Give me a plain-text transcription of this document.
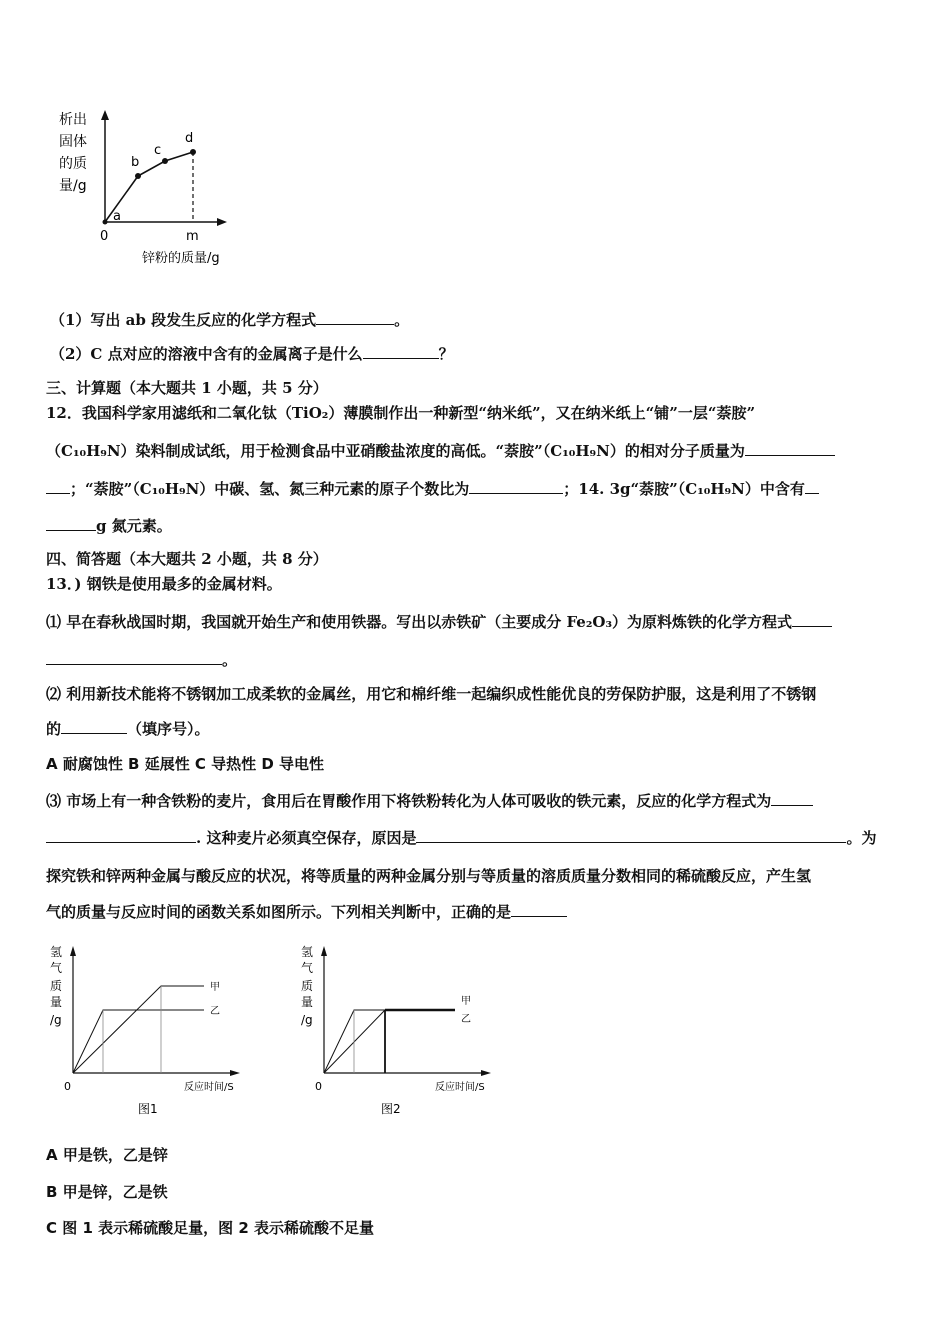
析出
固体
的质
量/g
a
b
c
d
0	m
锌粉的质量/g
（1）写出 ab 段发生反应的化学方程式	。
（2）C 点对应的溶液中含有的金属离子是什么	？
三、计算题（本大题共 1 小题，共 5 分）
12．我国科学家用滤纸和二氧化钛（TiO₂）薄膜制作出一种新型“纳米纸”，又在纳米纸上“铺”一层“萘胺”
（C₁₀H₉N）染料制成试纸，用于检测食品中亚硝酸盐浓度的高低。“萘胺”（C₁₀H₉N）的相对分子质量为
；“萘胺”（C₁₀H₉N）中碳、氢、氮三种元素的原子个数比为	；14. 3g“萘胺”（C₁₀H₉N）中含有
g 氮元素。
四、简答题（本大题共 2 小题，共 8 分）
13．) 钢铁是使用最多的金属材料。
⑴ 早在春秋战国时期，我国就开始生产和使用铁器。写出以赤铁矿（主要成分 Fe₂O₃）为原料炼铁的化学方程式
。
⑵ 利用新技术能将不锈钢加工成柔软的金属丝，用它和棉纤维一起编织成性能优良的劳保防护服，这是利用了不锈钢
的	（填序号）。
A 耐腐蚀性 B 延展性 C 导热性 D 导电性
⑶ 市场上有一种含铁粉的麦片，食用后在胃酸作用下将铁粉转化为人体可吸收的铁元素，反应的化学方程式为
. 这种麦片必须真空保存，原因是	。为
探究铁和锌两种金属与酸反应的状况，将等质量的两种金属分别与等质量的溶质质量分数相同的稀硫酸反应，产生氢
气的质量与反应时间的函数关系如图所示。下列相关判断中，正确的是
氢
气
质
量
/g
甲
乙
0	反应时间/S
图1
氢
气
质
量
/g
甲
乙
0	反应时间/S
图2
A 甲是铁，乙是锌
B 甲是锌，乙是铁
C 图 1 表示稀硫酸足量，图 2 表示稀硫酸不足量
